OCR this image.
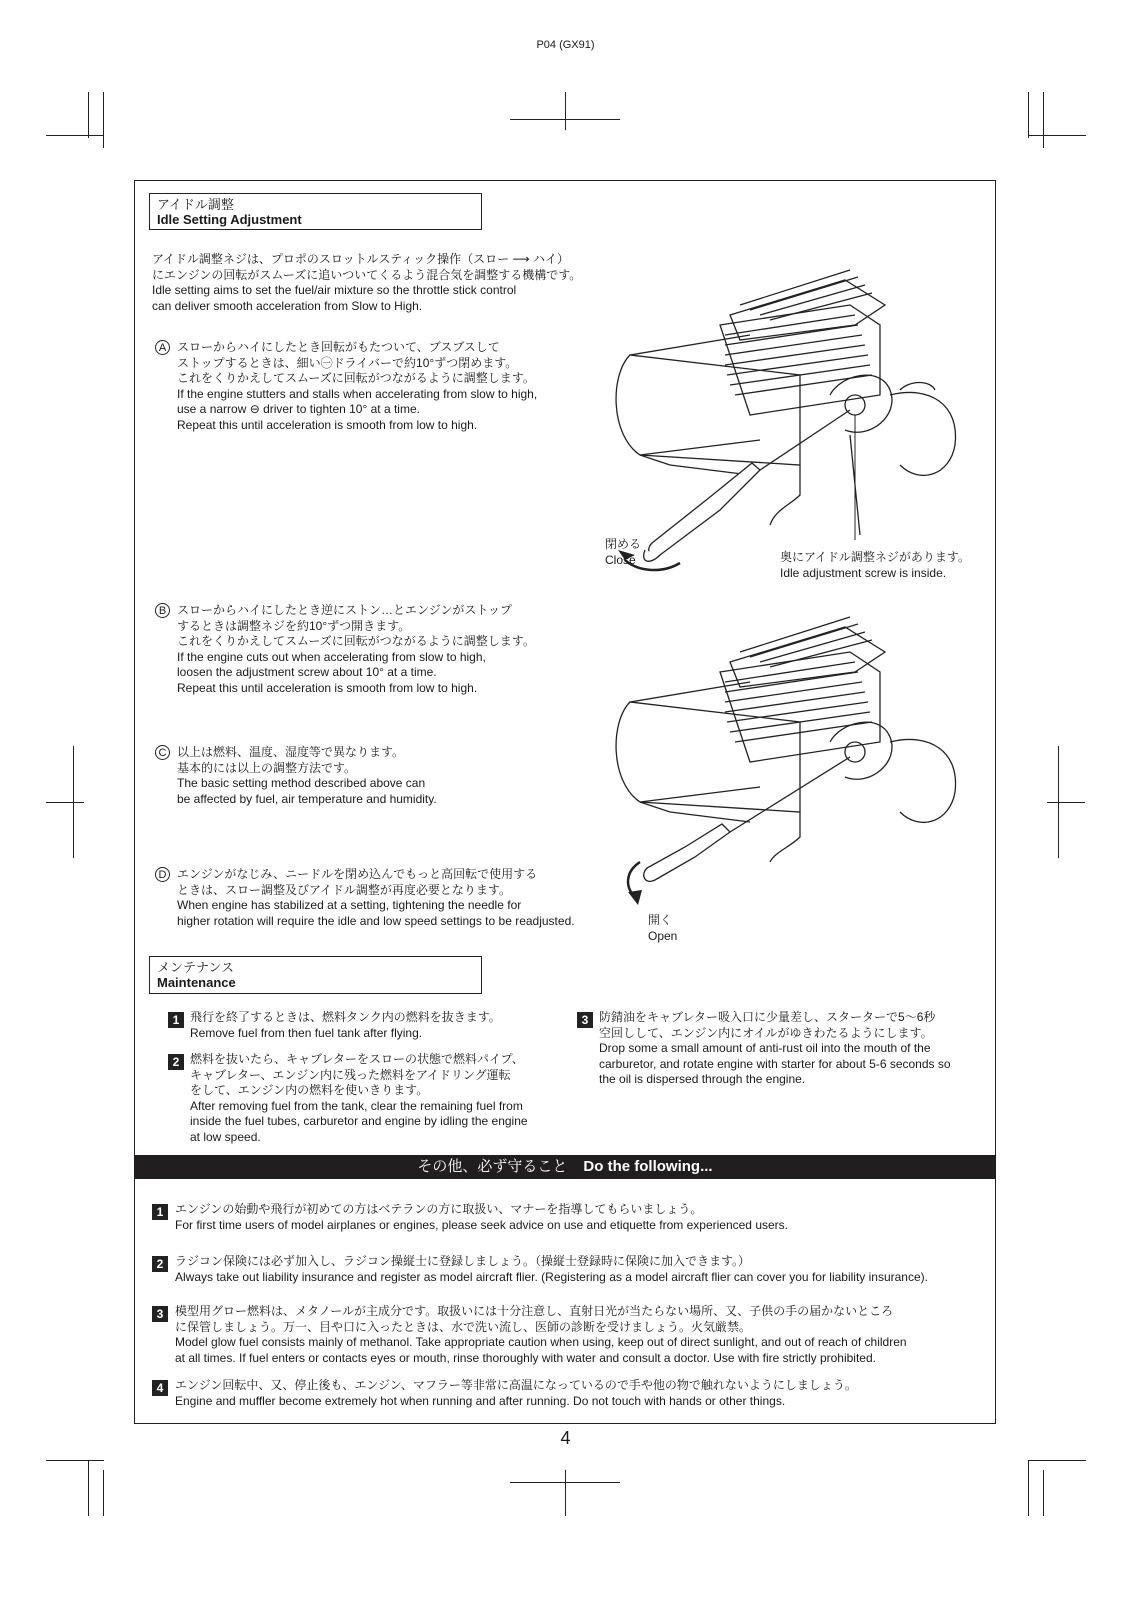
P04 (GX91)
アイドル調整
Idle Setting Adjustment
アイドル調整ネジは、プロポのスロットルスティック操作（スロー ⟶ ハイ）
にエンジンの回転がスムーズに追いついてくるよう混合気を調整する機構です。
Idle setting aims to set the fuel/air mixture so the throttle stick control
can deliver smooth acceleration from Slow to High.
A スローからハイにしたとき回転がもたついて、ブスブスして
ストップするときは、細い㊀ドライバーで約10°ずつ閉めます。
これをくりかえしてスムーズに回転がつながるように調整します。
If the engine stutters and stalls when accelerating from slow to high,
use a narrow ⊖ driver to tighten 10° at a time.
Repeat this until acceleration is smooth from low to high.
B スローからハイにしたとき逆にストン…とエンジンがストップ
するときは調整ネジを約10°ずつ開きます。
これをくりかえしてスムーズに回転がつながるように調整します。
If the engine cuts out when accelerating from slow to high,
loosen the adjustment screw about 10° at a time.
Repeat this until acceleration is smooth from low to high.
C 以上は燃料、温度、湿度等で異なります。
基本的には以上の調整方法です。
The basic setting method described above can
be affected by fuel, air temperature and humidity.
D エンジンがなじみ、ニードルを閉め込んでもっと高回転で使用する
ときは、スロー調整及びアイドル調整が再度必要となります。
When engine has stabilized at a setting, tightening the needle for
higher rotation will require the idle and low speed settings to be readjusted.
閉める
Close	奥にアイドル調整ネジがあります。
Idle adjustment screw is inside.
開く
Open
メンテナンス
Maintenance
1 飛行を終了するときは、燃料タンク内の燃料を抜きます。
Remove fuel from then fuel tank after flying.
2 燃料を抜いたら、キャブレターをスローの状態で燃料パイプ、
キャブレター、エンジン内に残った燃料をアイドリング運転
をして、エンジン内の燃料を使いきります。
After removing fuel from the tank, clear the remaining fuel from
inside the fuel tubes, carburetor and engine by idling the engine
at low speed.
3 防錆油をキャブレター吸入口に少量差し、スターターで5〜6秒
空回しして、エンジン内にオイルがゆきわたるようにします。
Drop some a small amount of anti-rust oil into the mouth of the
carburetor, and rotate engine with starter for about 5-6 seconds so
the oil is dispersed through the engine.
その他、必ず守ること Do the following...
1 エンジンの始動や飛行が初めての方はベテランの方に取扱い、マナーを指導してもらいましょう。
For first time users of model airplanes or engines, please seek advice on use and etiquette from experienced users.
2 ラジコン保険には必ず加入し、ラジコン操縦士に登録しましょう。（操縦士登録時に保険に加入できます。）
Always take out liability insurance and register as model aircraft flier. (Registering as a model aircraft flier can cover you for liability insurance).
3 模型用グロー燃料は、メタノールが主成分です。取扱いには十分注意し、直射日光が当たらない場所、又、子供の手の届かないところ
に保管しましょう。万一、目や口に入ったときは、水で洗い流し、医師の診断を受けましょう。火気厳禁。
Model glow fuel consists mainly of methanol. Take appropriate caution when using, keep out of direct sunlight, and out of reach of children
at all times. If fuel enters or contacts eyes or mouth, rinse thoroughly with water and consult a doctor. Use with fire strictly prohibited.
4 エンジン回転中、又、停止後も、エンジン、マフラー等非常に高温になっているので手や他の物で触れないようにしましょう。
Engine and muffler become extremely hot when running and after running. Do not touch with hands or other things.
4
